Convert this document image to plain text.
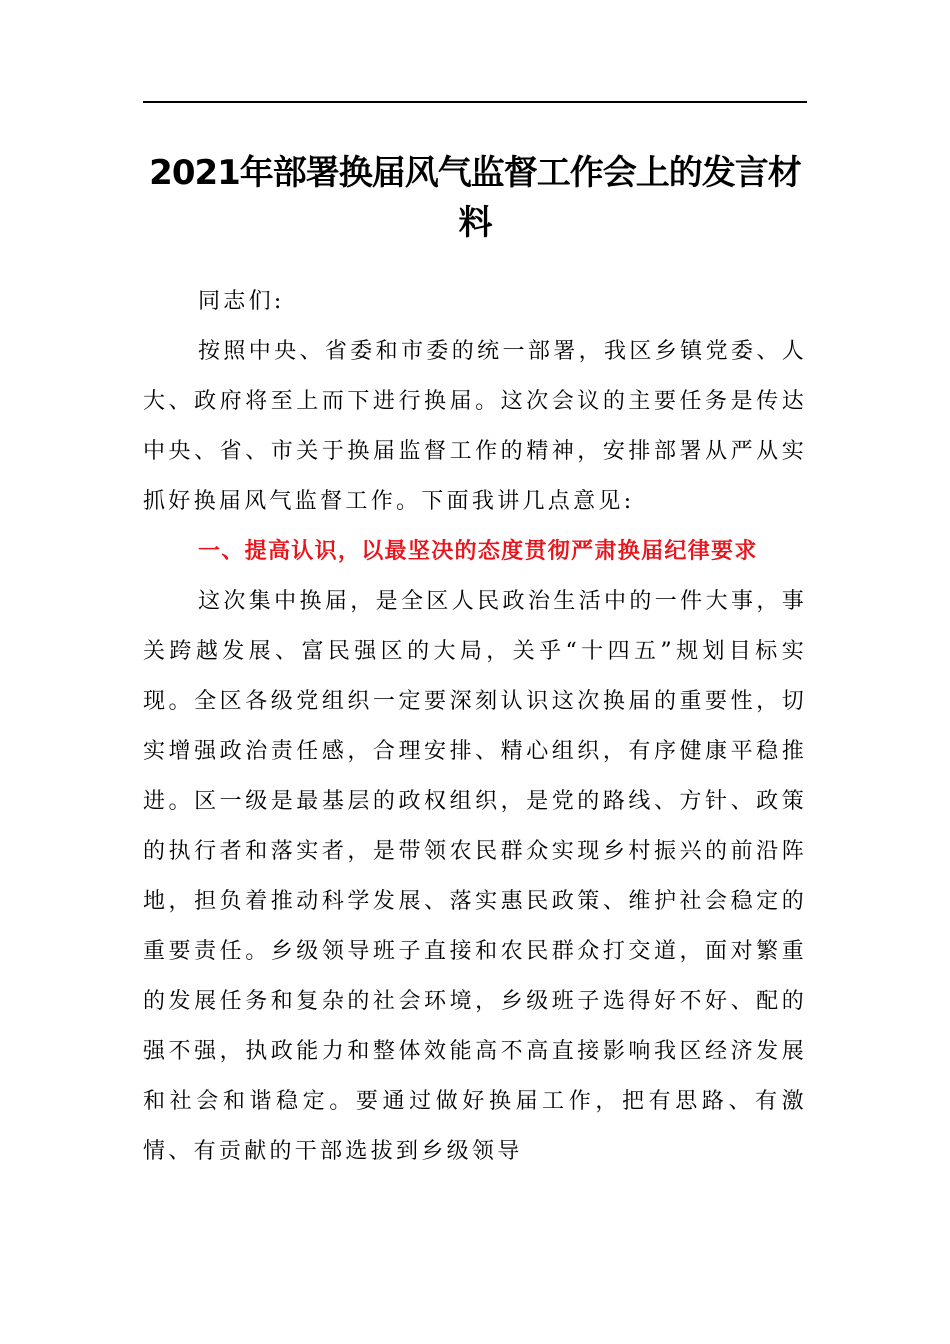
2021年部署换届风气监督工作会上的发言材料

同志们:

按照中央、省委和市委的统一部署，我区乡镇党委、人大、政府将至上而下进行换届。这次会议的主要任务是传达中央、省、市关于换届监督工作的精神，安排部署从严从实抓好换届风气监督工作。下面我讲几点意见:

一、提高认识，以最坚决的态度贯彻严肃换届纪律要求

这次集中换届，是全区人民政治生活中的一件大事，事关跨越发展、富民强区的大局，关乎“十四五”规划目标实现。全区各级党组织一定要深刻认识这次换届的重要性，切实增强政治责任感，合理安排、精心组织，有序健康平稳推进。区一级是最基层的政权组织，是党的路线、方针、政策的执行者和落实者，是带领农民群众实现乡村振兴的前沿阵地，担负着推动科学发展、落实惠民政策、维护社会稳定的重要责任。乡级领导班子直接和农民群众打交道，面对繁重的发展任务和复杂的社会环境，乡级班子选得好不好、配的强不强，执政能力和整体效能高不高直接影响我区经济发展和社会和谐稳定。要通过做好换届工作，把有思路、有激情、有贡献的干部选拔到乡级领导
